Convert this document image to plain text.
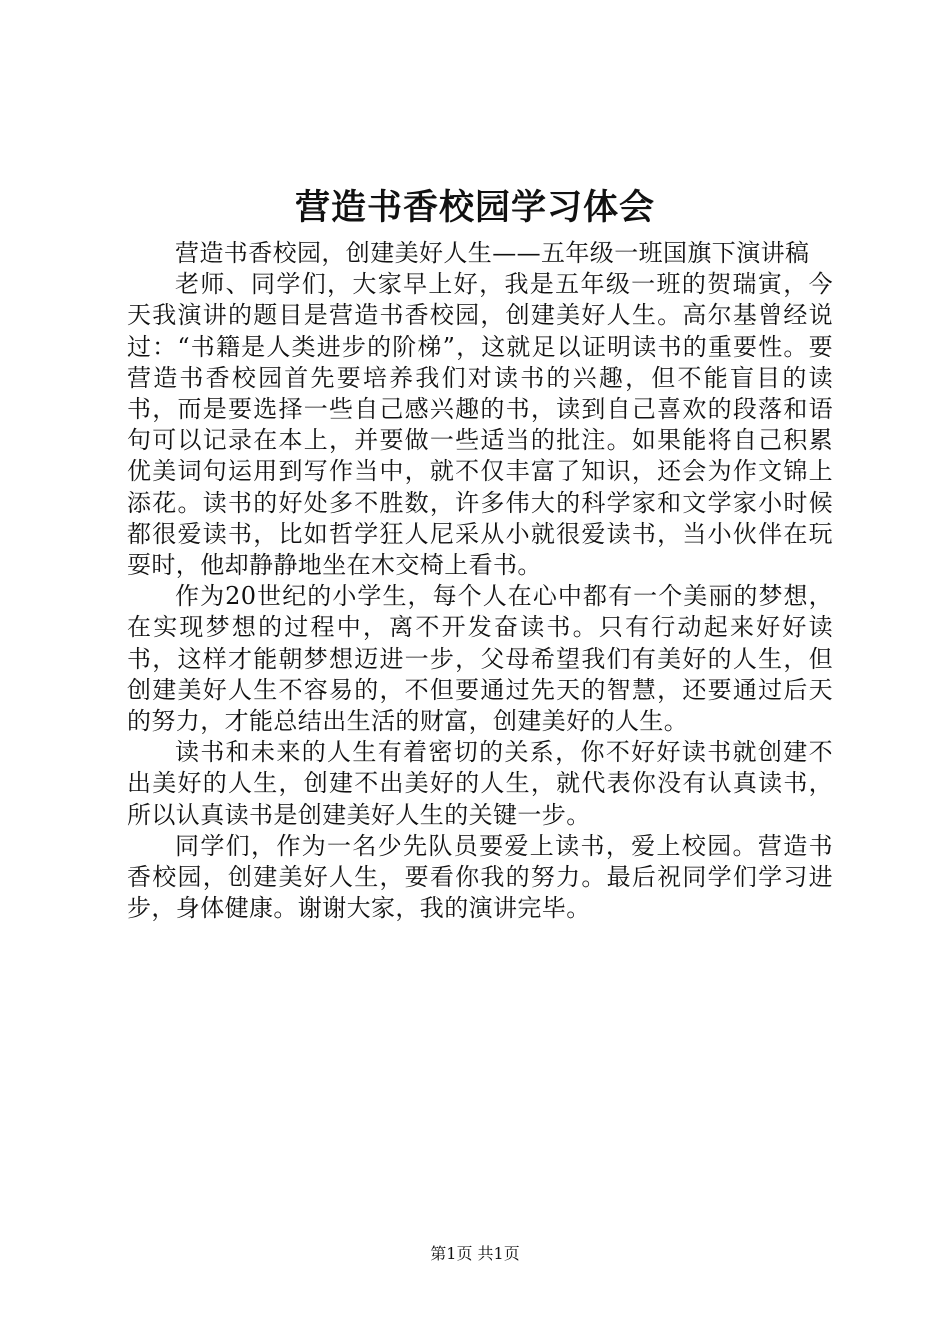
营造书香校园学习体会

营造书香校园，创建美好人生——五年级一班国旗下演讲稿

老师、同学们，大家早上好，我是五年级一班的贺瑞寅，今天我演讲的题目是营造书香校园，创建美好人生。高尔基曾经说过：“书籍是人类进步的阶梯”，这就足以证明读书的重要性。要营造书香校园首先要培养我们对读书的兴趣，但不能盲目的读书，而是要选择一些自己感兴趣的书，读到自己喜欢的段落和语句可以记录在本上，并要做一些适当的批注。如果能将自己积累优美词句运用到写作当中，就不仅丰富了知识，还会为作文锦上添花。读书的好处多不胜数，许多伟大的科学家和文学家小时候都很爱读书，比如哲学狂人尼采从小就很爱读书，当小伙伴在玩耍时，他却静静地坐在木交椅上看书。

作为20世纪的小学生，每个人在心中都有一个美丽的梦想，在实现梦想的过程中，离不开发奋读书。只有行动起来好好读书，这样才能朝梦想迈进一步，父母希望我们有美好的人生，但创建美好人生不容易的，不但要通过先天的智慧，还要通过后天的努力，才能总结出生活的财富，创建美好的人生。

读书和未来的人生有着密切的关系，你不好好读书就创建不出美好的人生，创建不出美好的人生，就代表你没有认真读书，所以认真读书是创建美好人生的关键一步。

同学们，作为一名少先队员要爱上读书，爱上校园。营造书香校园，创建美好人生，要看你我的努力。最后祝同学们学习进步，身体健康。谢谢大家，我的演讲完毕。

第1页 共1页
